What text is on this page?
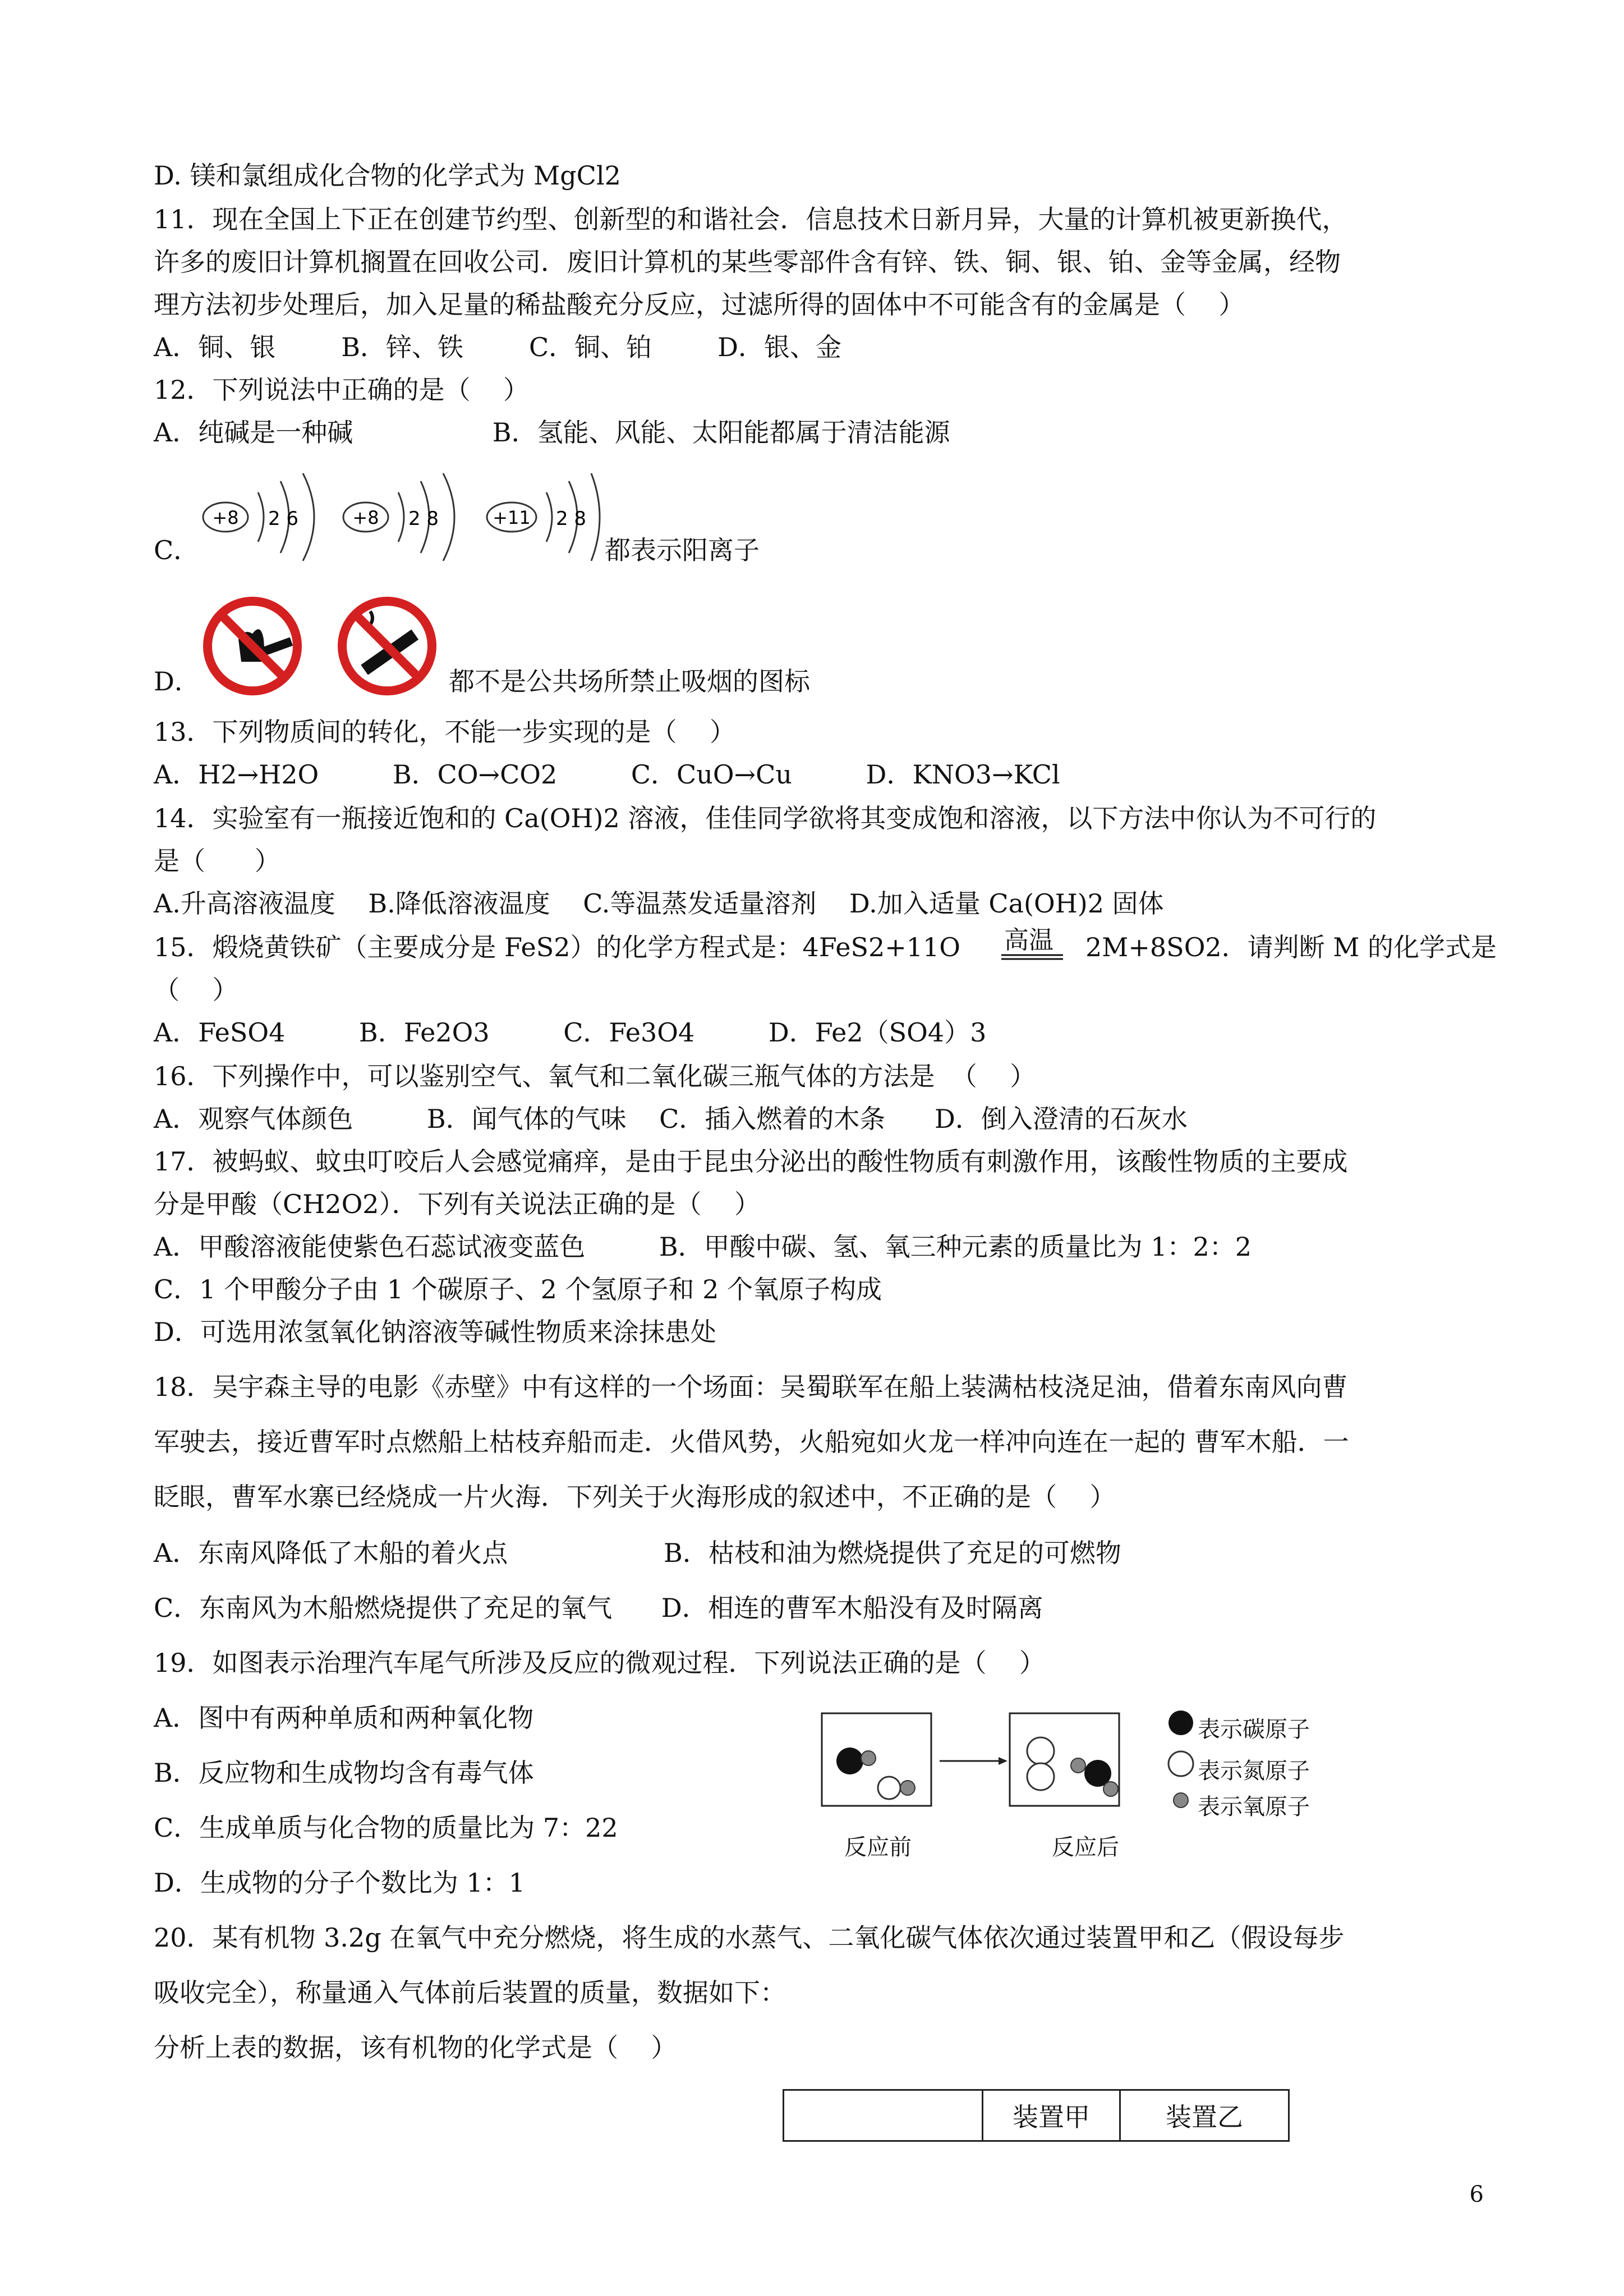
D. 镁和氯组成化合物的化学式为 MgCl2
11．现在全国上下正在创建节约型、创新型的和谐社会．信息技术日新月异，大量的计算机被更新换代，
许多的废旧计算机搁置在回收公司．废旧计算机的某些零部件含有锌、铁、铜、银、铂、金等金属，经物
理方法初步处理后，加入足量的稀盐酸充分反应，过滤所得的固体中不可能含有的金属是（    ）
A．铜、银        B．锌、铁        C．铜、铂        D．银、金
12．下列说法中正确的是（    ）
A．纯碱是一种碱                 B．氢能、风能、太阳能都属于清洁能源
C．
+8 2 6	+8 2 8	+11 2 8
都表示阳离子
D．	都不是公共场所禁止吸烟的图标
13．下列物质间的转化，不能一步实现的是（    ）
A．H2→H2O         B．CO→CO2         C．CuO→Cu         D．KNO3→KCl
14．实验室有一瓶接近饱和的 Ca(OH)2 溶液，佳佳同学欲将其变成饱和溶液，以下方法中你认为不可行的
是（      ）
A.升高溶液温度    B.降低溶液温度    C.等温蒸发适量溶剂    D.加入适量 Ca(OH)2 固体
15．煅烧黄铁矿（主要成分是 FeS2）的化学方程式是：4FeS2+11O 高温 2M+8SO2．请判断 M 的化学式是
（    ）
A．FeSO4         B．Fe2O3         C．Fe3O4         D．Fe2（SO4）3
16．下列操作中，可以鉴别空气、氧气和二氧化碳三瓶气体的方法是  （    ）
A．观察气体颜色         B．闻气体的气味    C．插入燃着的木条      D．倒入澄清的石灰水
17．被蚂蚁、蚊虫叮咬后人会感觉痛痒，是由于昆虫分泌出的酸性物质有刺激作用，该酸性物质的主要成
分是甲酸（CH2O2）．下列有关说法正确的是（    ）
A．甲酸溶液能使紫色石蕊试液变蓝色         B．甲酸中碳、氢、氧三种元素的质量比为 1：2：2
C．1 个甲酸分子由 1 个碳原子、2 个氢原子和 2 个氧原子构成
D．可选用浓氢氧化钠溶液等碱性物质来涂抹患处
18．吴宇森主导的电影《赤壁》中有这样的一个场面：吴蜀联军在船上装满枯枝浇足油，借着东南风向曹
军驶去，接近曹军时点燃船上枯枝弃船而走．火借风势，火船宛如火龙一样冲向连在一起的 曹军木船．一
眨眼，曹军水寨已经烧成一片火海．下列关于火海形成的叙述中，不正确的是（    ）
A．东南风降低了木船的着火点                   B．枯枝和油为燃烧提供了充足的可燃物
C．东南风为木船燃烧提供了充足的氧气      D．相连的曹军木船没有及时隔离
19．如图表示治理汽车尾气所涉及反应的微观过程．下列说法正确的是（    ）
A．图中有两种单质和两种氧化物
B．反应物和生成物均含有毒气体
C．生成单质与化合物的质量比为 7：22
D．生成物的分子个数比为 1：1
表示碳原子
表示氮原子
表示氧原子
反应前	反应后
20．某有机物 3.2g 在氧气中充分燃烧，将生成的水蒸气、二氧化碳气体依次通过装置甲和乙（假设每步
吸收完全），称量通入气体前后装置的质量，数据如下：
分析上表的数据，该有机物的化学式是（    ）
	装置甲	装置乙
6
